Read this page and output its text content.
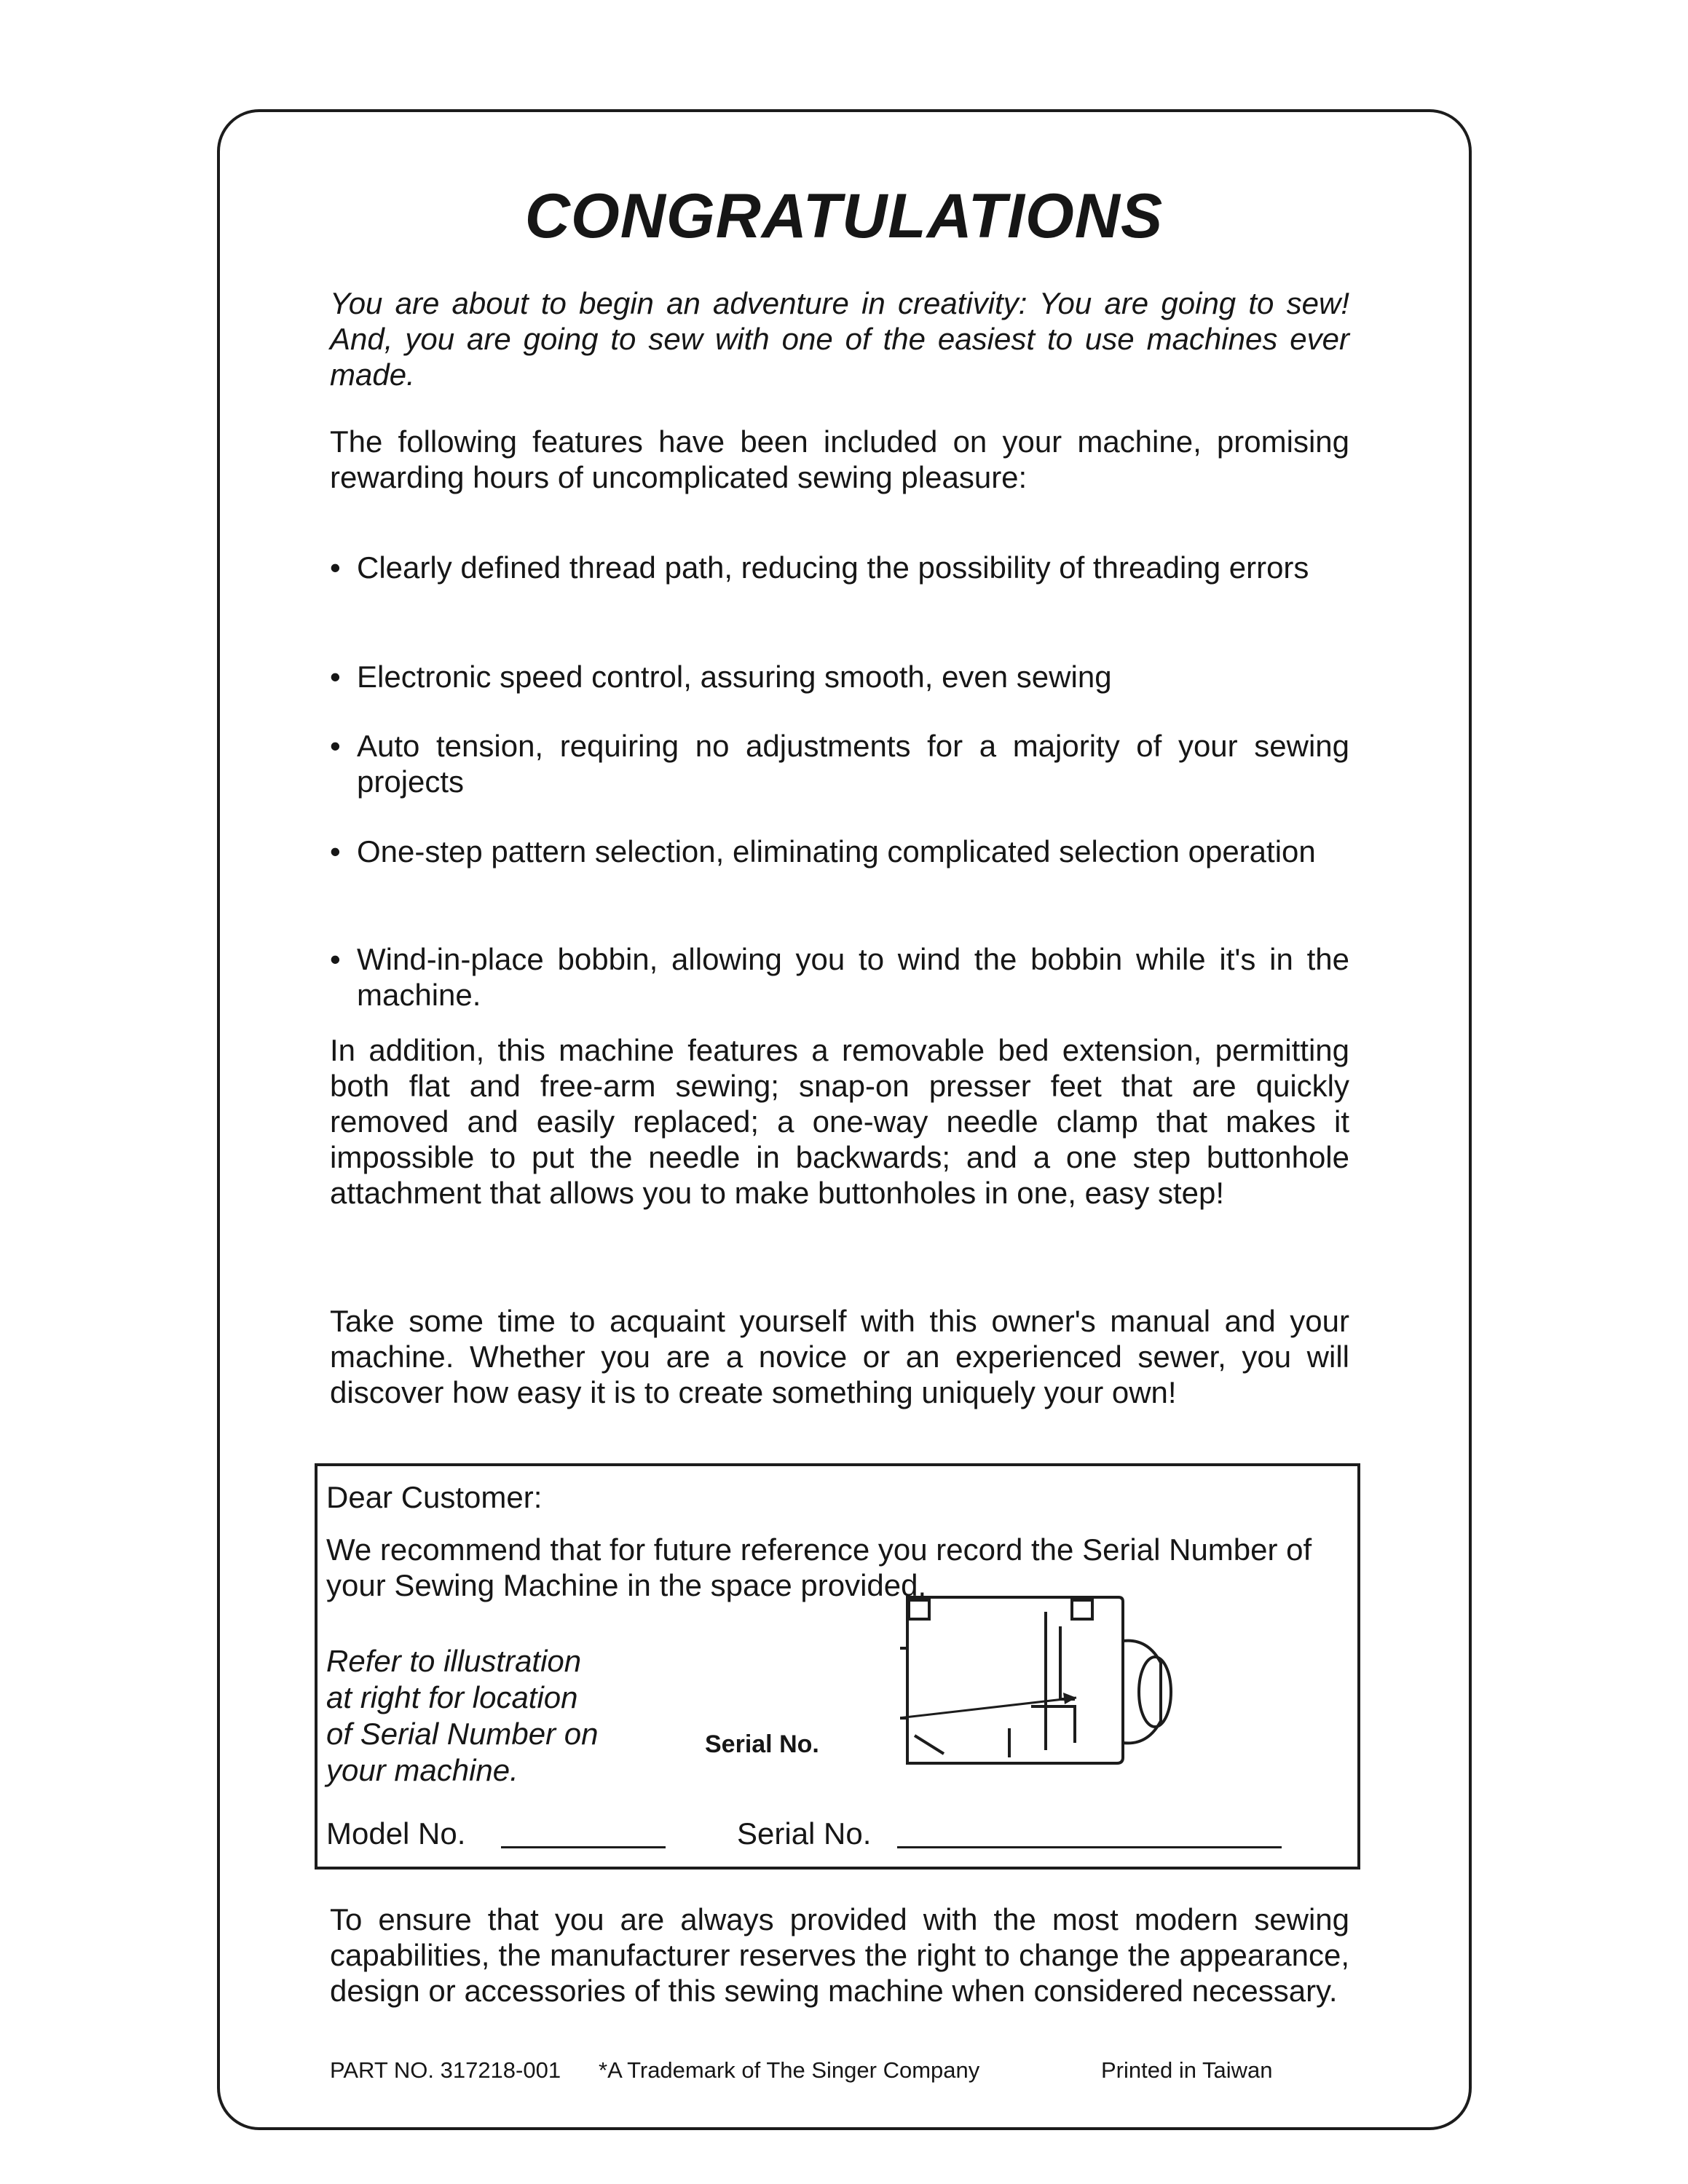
CONGRATULATIONS

You are about to begin an adventure in creativity: You are going to sew! And, you are going to sew with one of the easiest to use machines ever made.

The following features have been included on your machine, promising rewarding hours of uncomplicated sewing pleasure:

• Clearly defined thread path, reducing the possibility of threading errors
• Electronic speed control, assuring smooth, even sewing
• Auto tension, requiring no adjustments for a majority of your sewing projects
• One-step pattern selection, eliminating complicated selection operation
• Wind-in-place bobbin, allowing you to wind the bobbin while it's in the machine.

In addition, this machine features a removable bed extension, permitting both flat and free-arm sewing; snap-on presser feet that are quickly removed and easily replaced; a one-way needle clamp that makes it impossible to put the needle in backwards; and a one step buttonhole attachment that allows you to make buttonholes in one, easy step!

Take some time to acquaint yourself with this owner's manual and your machine. Whether you are a novice or an experienced sewer, you will discover how easy it is to create something uniquely your own!

Dear Customer:

We recommend that for future reference you record the Serial Number of your Sewing Machine in the space provided.

Refer to illustration

at right for location

of Serial Number on

your machine.

Serial No.

Model No.	Serial No.

To ensure that you are always provided with the most modern sewing capabilities, the manufacturer reserves the right to change the appearance, design or accessories of this sewing machine when considered necessary.

PART NO. 317218-001 *A Trademark of The Singer Company	Printed in Taiwan
